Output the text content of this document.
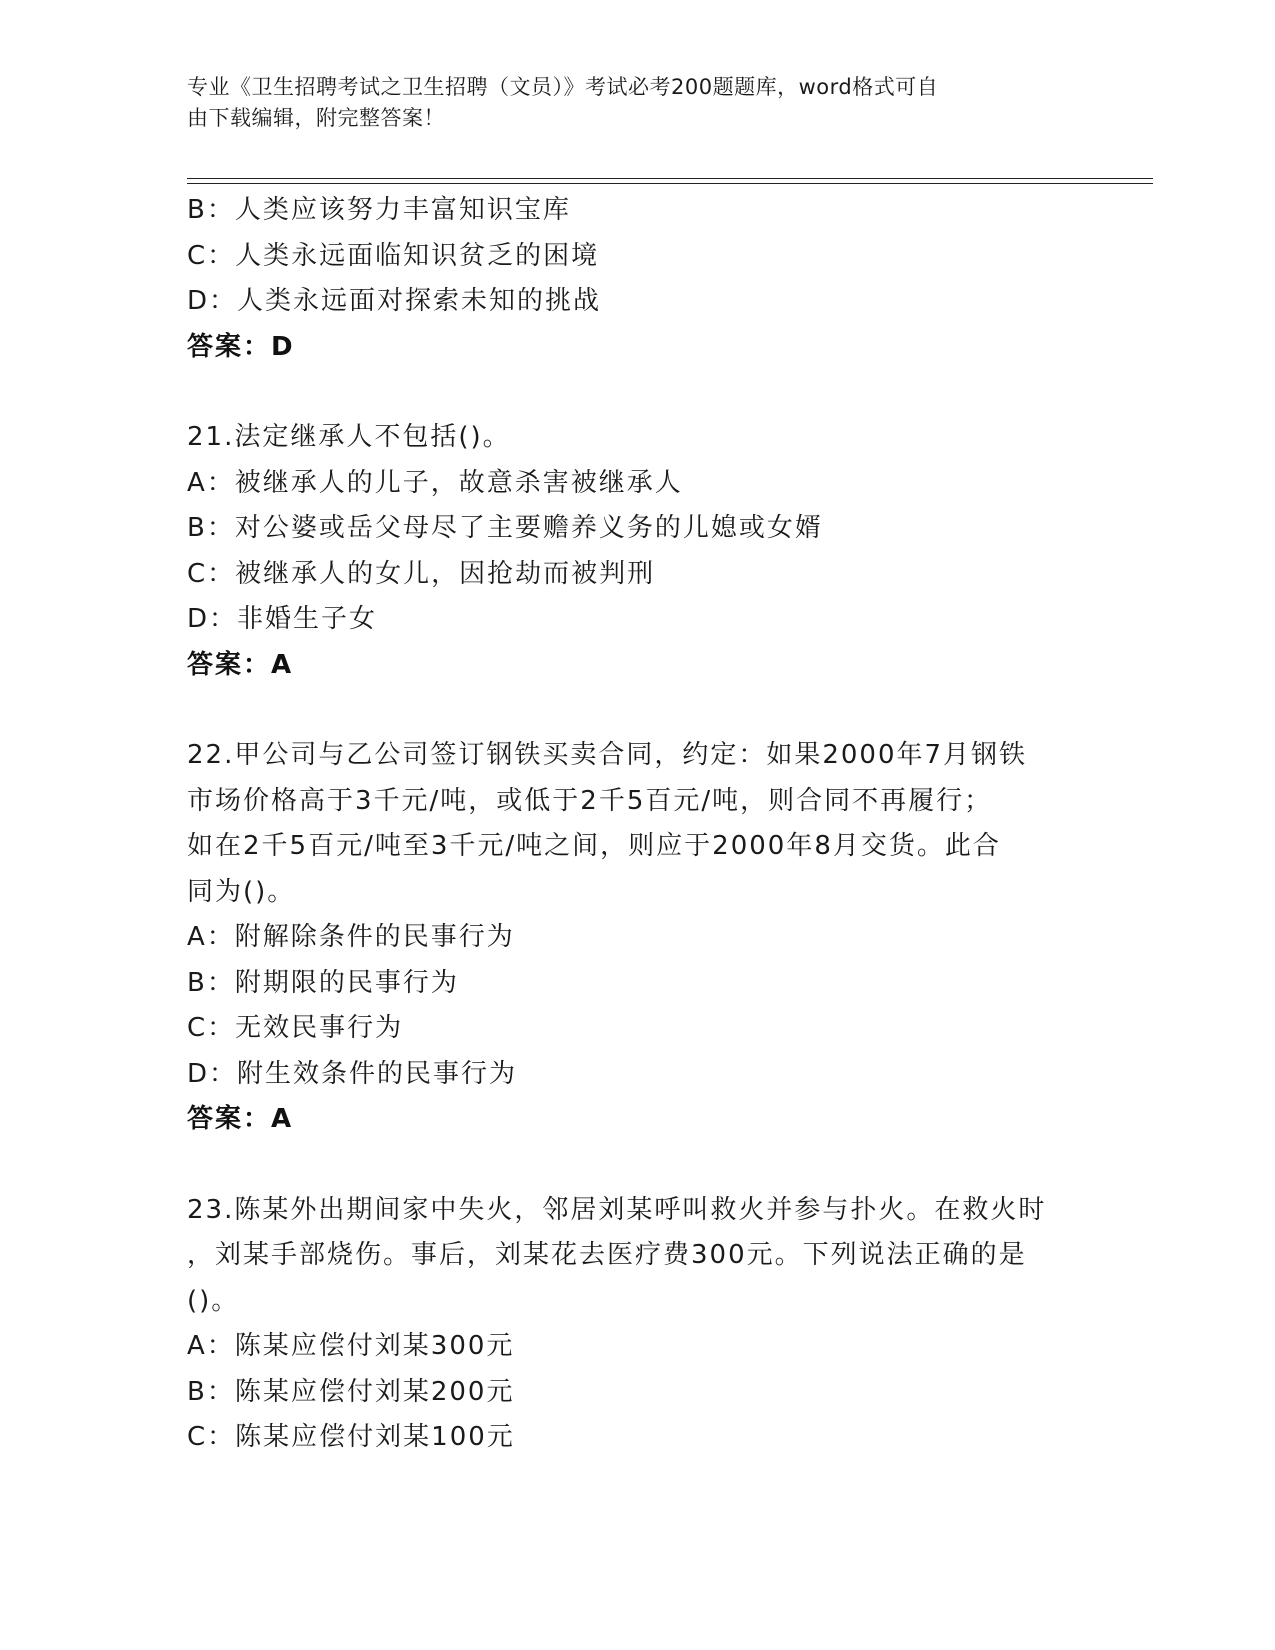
专业《卫生招聘考试之卫生招聘（文员）》考试必考200题题库，word格式可自
由下载编辑，附完整答案！
B：人类应该努力丰富知识宝库
C：人类永远面临知识贫乏的困境
D：人类永远面对探索未知的挑战
答案：D
21.法定继承人不包括()。
A：被继承人的儿子，故意杀害被继承人
B：对公婆或岳父母尽了主要赡养义务的儿媳或女婿
C：被继承人的女儿，因抢劫而被判刑
D：非婚生子女
答案：A
22.甲公司与乙公司签订钢铁买卖合同，约定：如果2000年7月钢铁
市场价格高于3千元/吨，或低于2千5百元/吨，则合同不再履行；
如在2千5百元/吨至3千元/吨之间，则应于2000年8月交货。此合
同为()。
A：附解除条件的民事行为
B：附期限的民事行为
C：无效民事行为
D：附生效条件的民事行为
答案：A
23.陈某外出期间家中失火，邻居刘某呼叫救火并参与扑火。在救火时
，刘某手部烧伤。事后，刘某花去医疗费300元。下列说法正确的是
()。
A：陈某应偿付刘某300元
B：陈某应偿付刘某200元
C：陈某应偿付刘某100元
